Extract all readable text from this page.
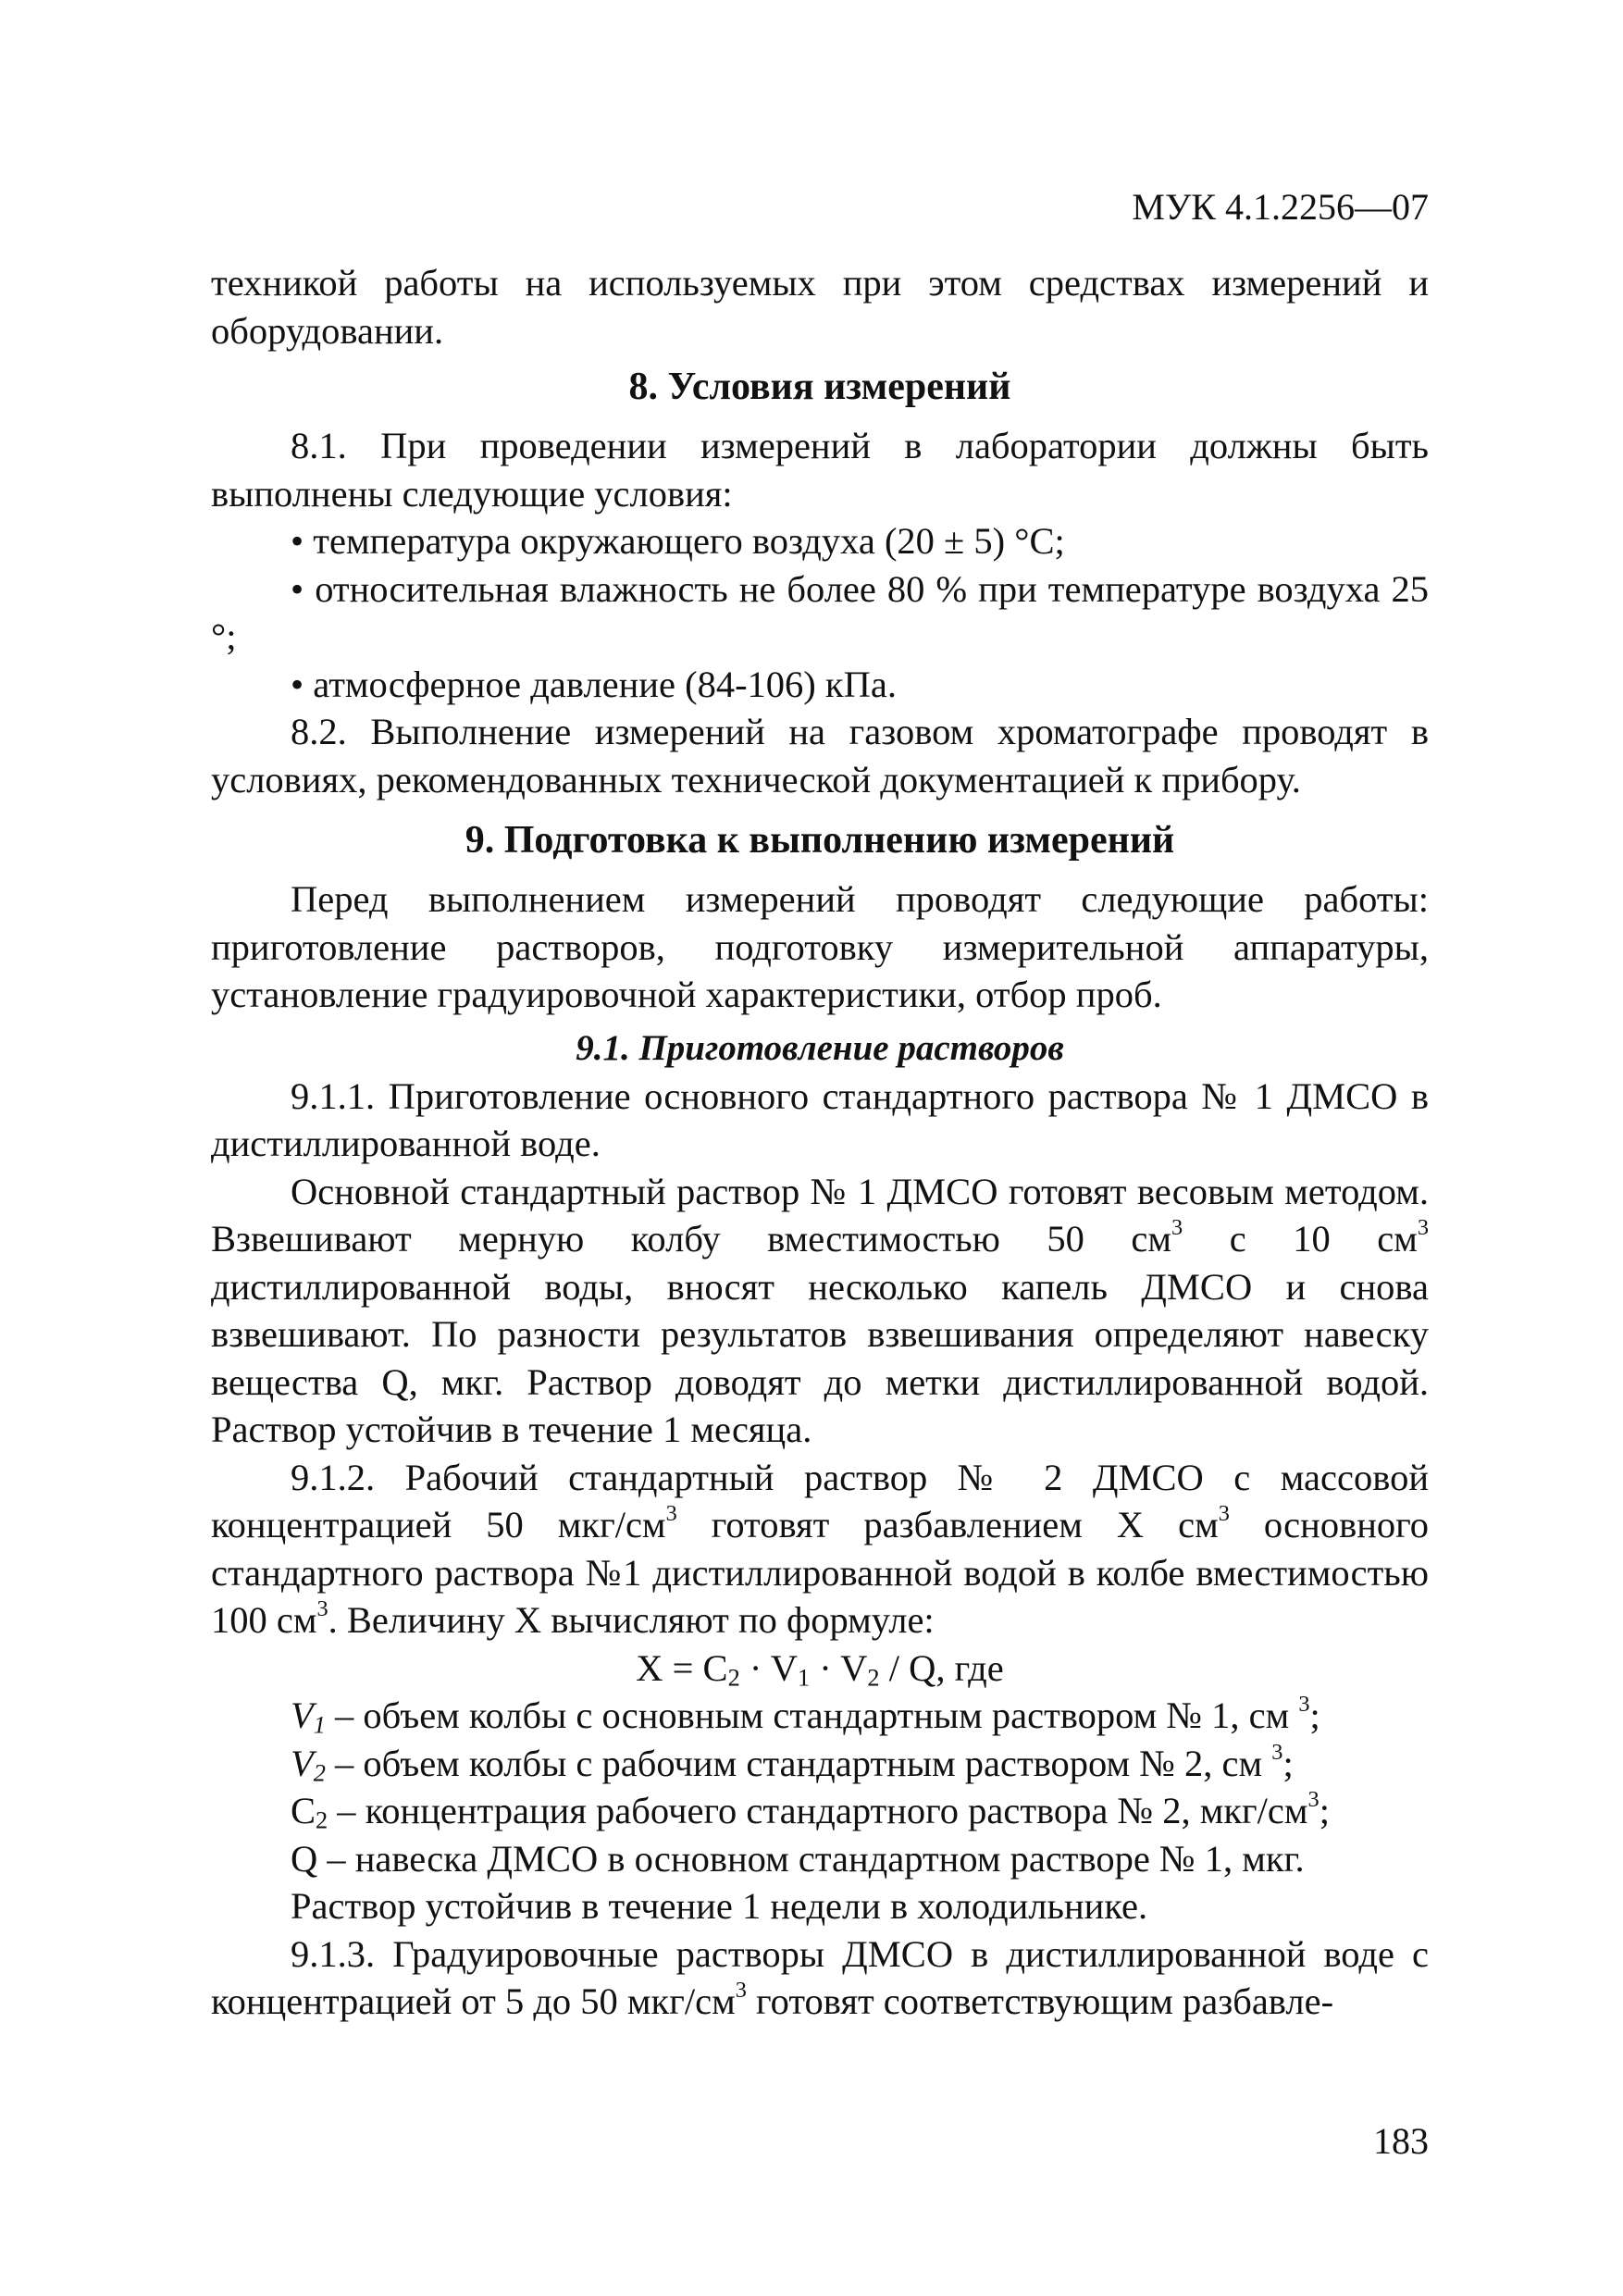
МУК 4.1.2256—07

техникой работы на используемых при этом средствах измерений и оборудовании.

8. Условия измерений

8.1. При проведении измерений в лаборатории должны быть выполнены следующие условия:

• температура окружающего воздуха (20 ± 5) °С;

• относительная влажность не более 80 % при температуре воздуха 25 °;

• атмосферное давление (84-106) кПа.

8.2. Выполнение измерений на газовом хроматографе проводят в условиях, рекомендованных технической документацией к прибору.

9. Подготовка к выполнению измерений

Перед выполнением измерений проводят следующие работы: приготовление растворов, подготовку измерительной аппаратуры, установление градуировочной характеристики, отбор проб.

9.1. Приготовление растворов

9.1.1. Приготовление основного стандартного раствора № 1 ДМСО в дистиллированной воде.

Основной стандартный раствор № 1 ДМСО готовят весовым методом. Взвешивают мерную колбу вместимостью 50 $см^3$ с 10 $см^3$ дистиллированной воды, вносят несколько капель ДМСО и снова взвешивают. По разности результатов взвешивания определяют навеску вещества Q, мкг. Раствор доводят до метки дистиллированной водой. Раствор устойчив в течение 1 месяца.

9.1.2. Рабочий стандартный раствор № 2 ДМСО с массовой концентрацией 50 мкг/$см^3$ готовят разбавлением X $см^3$ основного стандартного раствора №1 дистиллированной водой в колбе вместимостью 100 $см^3$. Величину X вычисляют по формуле:

$X = C_2 \cdot V_1 \cdot V_2 / Q$, где

$V_1$ – объем колбы с основным стандартным раствором № 1, см $^3$;

$V_2$ – объем колбы с рабочим стандартным раствором № 2, см $^3$;

$C_2$ – концентрация рабочего стандартного раствора № 2, мкг/$см^3$;

Q – навеска ДМСО в основном стандартном растворе № 1, мкг.

Раствор устойчив в течение 1 недели в холодильнике.

9.1.3. Градуировочные растворы ДМСО в дистиллированной воде с концентрацией от 5 до 50 мкг/$см^3$ готовят соответствующим разбавле-

183
